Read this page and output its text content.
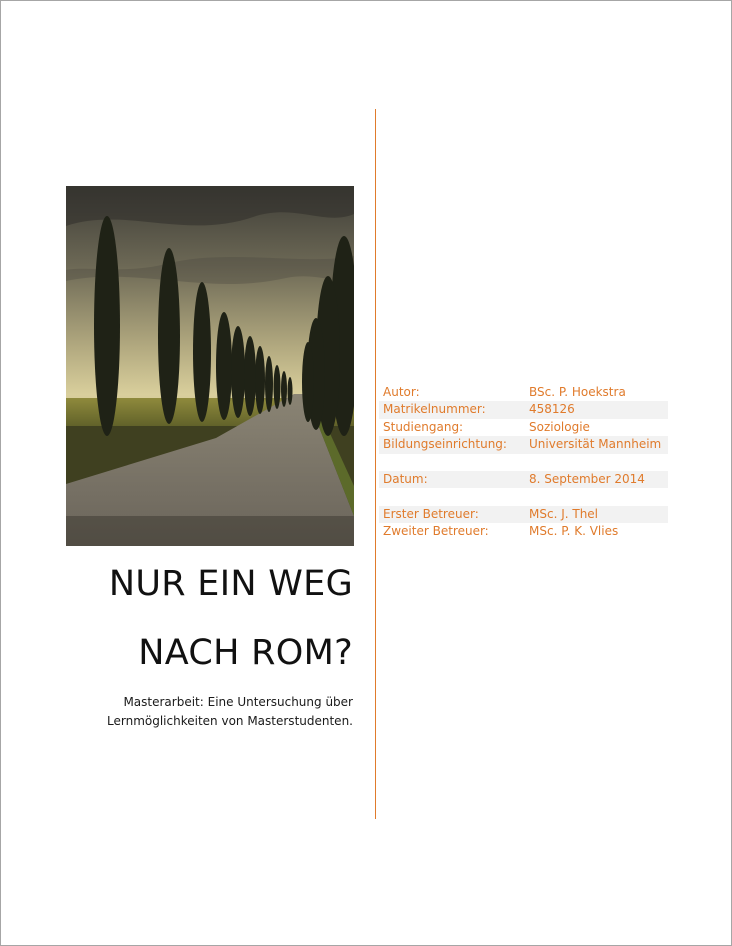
NUR EIN WEG
NACH ROM?
Masterarbeit: Eine Untersuchung über
Lernmöglichkeiten von Masterstudenten.
Autor:	BSc. P. Hoekstra
Matrikelnummer:	458126
Studiengang:	Soziologie
Bildungseinrichtung: Universität Mannheim
Datum:	8. September 2014
Erster Betreuer:	MSc. J. Thel
Zweiter Betreuer:	MSc. P. K. Vlies
